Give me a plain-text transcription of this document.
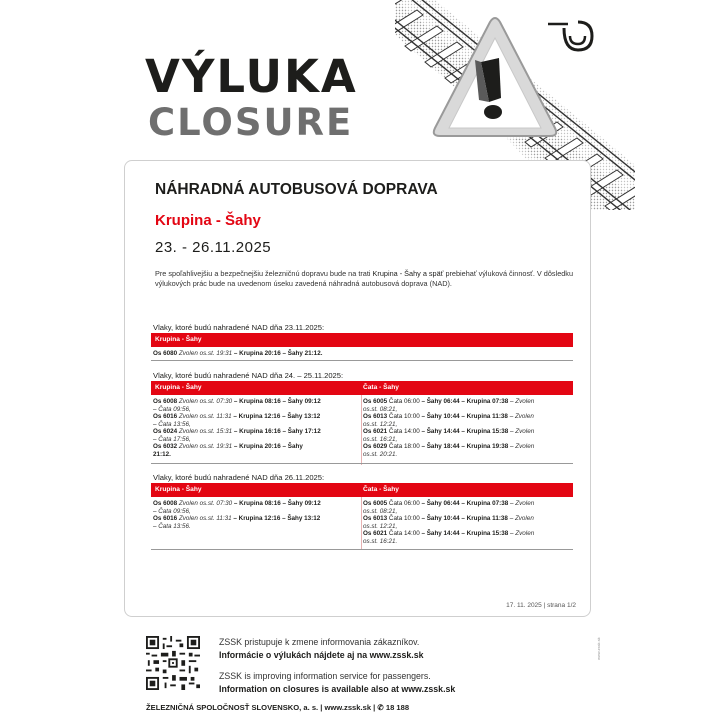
VÝLUKA
CLOSURE
NÁHRADNÁ AUTOBUSOVÁ DOPRAVA
Krupina - Šahy
23. - 26.11.2025
Pre spoľahlivejšiu a bezpečnejšiu železničnú dopravu bude na trati Krupina - Šahy a späť prebiehať výluková činnosť. V dôsledku výlukových prác bude na uvedenom úseku zavedená náhradná autobusová doprava (NAD).
Vlaky, ktoré budú nahradené NAD dňa 23.11.2025:
Krupina - Šahy
Os 6080 Zvolen os.st. 19:31 – Krupina 20:16 – Šahy 21:12.
Vlaky, ktoré budú nahradené NAD dňa 24. – 25.11.2025:
Krupina - Šahy	Čata - Šahy
Os 6008 Zvolen os.st. 07:30 – Krupina 08:16 – Šahy 09:12
– Čata 09:56,
Os 6016 Zvolen os.st. 11:31 – Krupina 12:16 – Šahy 13:12
– Čata 13:56,
Os 6024 Zvolen os.st. 15:31 – Krupina 16:16 – Šahy 17:12
– Čata 17:56,
Os 6032 Zvolen os.st. 19:31 – Krupina 20:16 – Šahy
21:12.
Os 6005 Čata 06:00 – Šahy 06:44 – Krupina 07:38 – Zvolen
os.st. 08:21,
Os 6013 Čata 10:00 – Šahy 10:44 – Krupina 11:38 – Zvolen
os.st. 12:21,
Os 6021 Čata 14:00 – Šahy 14:44 – Krupina 15:38 – Zvolen
os.st. 16:21,
Os 6029 Čata 18:00 – Šahy 18:44 – Krupina 19:38 – Zvolen
os.st. 20:21.
Vlaky, ktoré budú nahradené NAD dňa 26.11.2025:
Krupina - Šahy	Čata - Šahy
Os 6008 Zvolen os.st. 07:30 – Krupina 08:16 – Šahy 09:12
– Čata 09:56,
Os 6016 Zvolen os.st. 11:31 – Krupina 12:16 – Šahy 13:12
– Čata 13:56.
Os 6005 Čata 06:00 – Šahy 06:44 – Krupina 07:38 – Zvolen
os.st. 08:21,
Os 6013 Čata 10:00 – Šahy 10:44 – Krupina 11:38 – Zvolen
os.st. 12:21,
Os 6021 Čata 14:00 – Šahy 14:44 – Krupina 15:38 – Zvolen
os.st. 16:21.
17. 11. 2025 | strana 1/2
ZSSK pristupuje k zmene informovania zákazníkov.
Informácie o výlukách nájdete aj na www.zssk.sk
ZSSK is improving information service for passengers.
Information on closures is available also at www.zssk.sk
ŽELEZNIČNÁ SPOLOČNOSŤ SLOVENSKO, a. s. | www.zssk.sk | ✆ 18 188
www.zssk.sk
